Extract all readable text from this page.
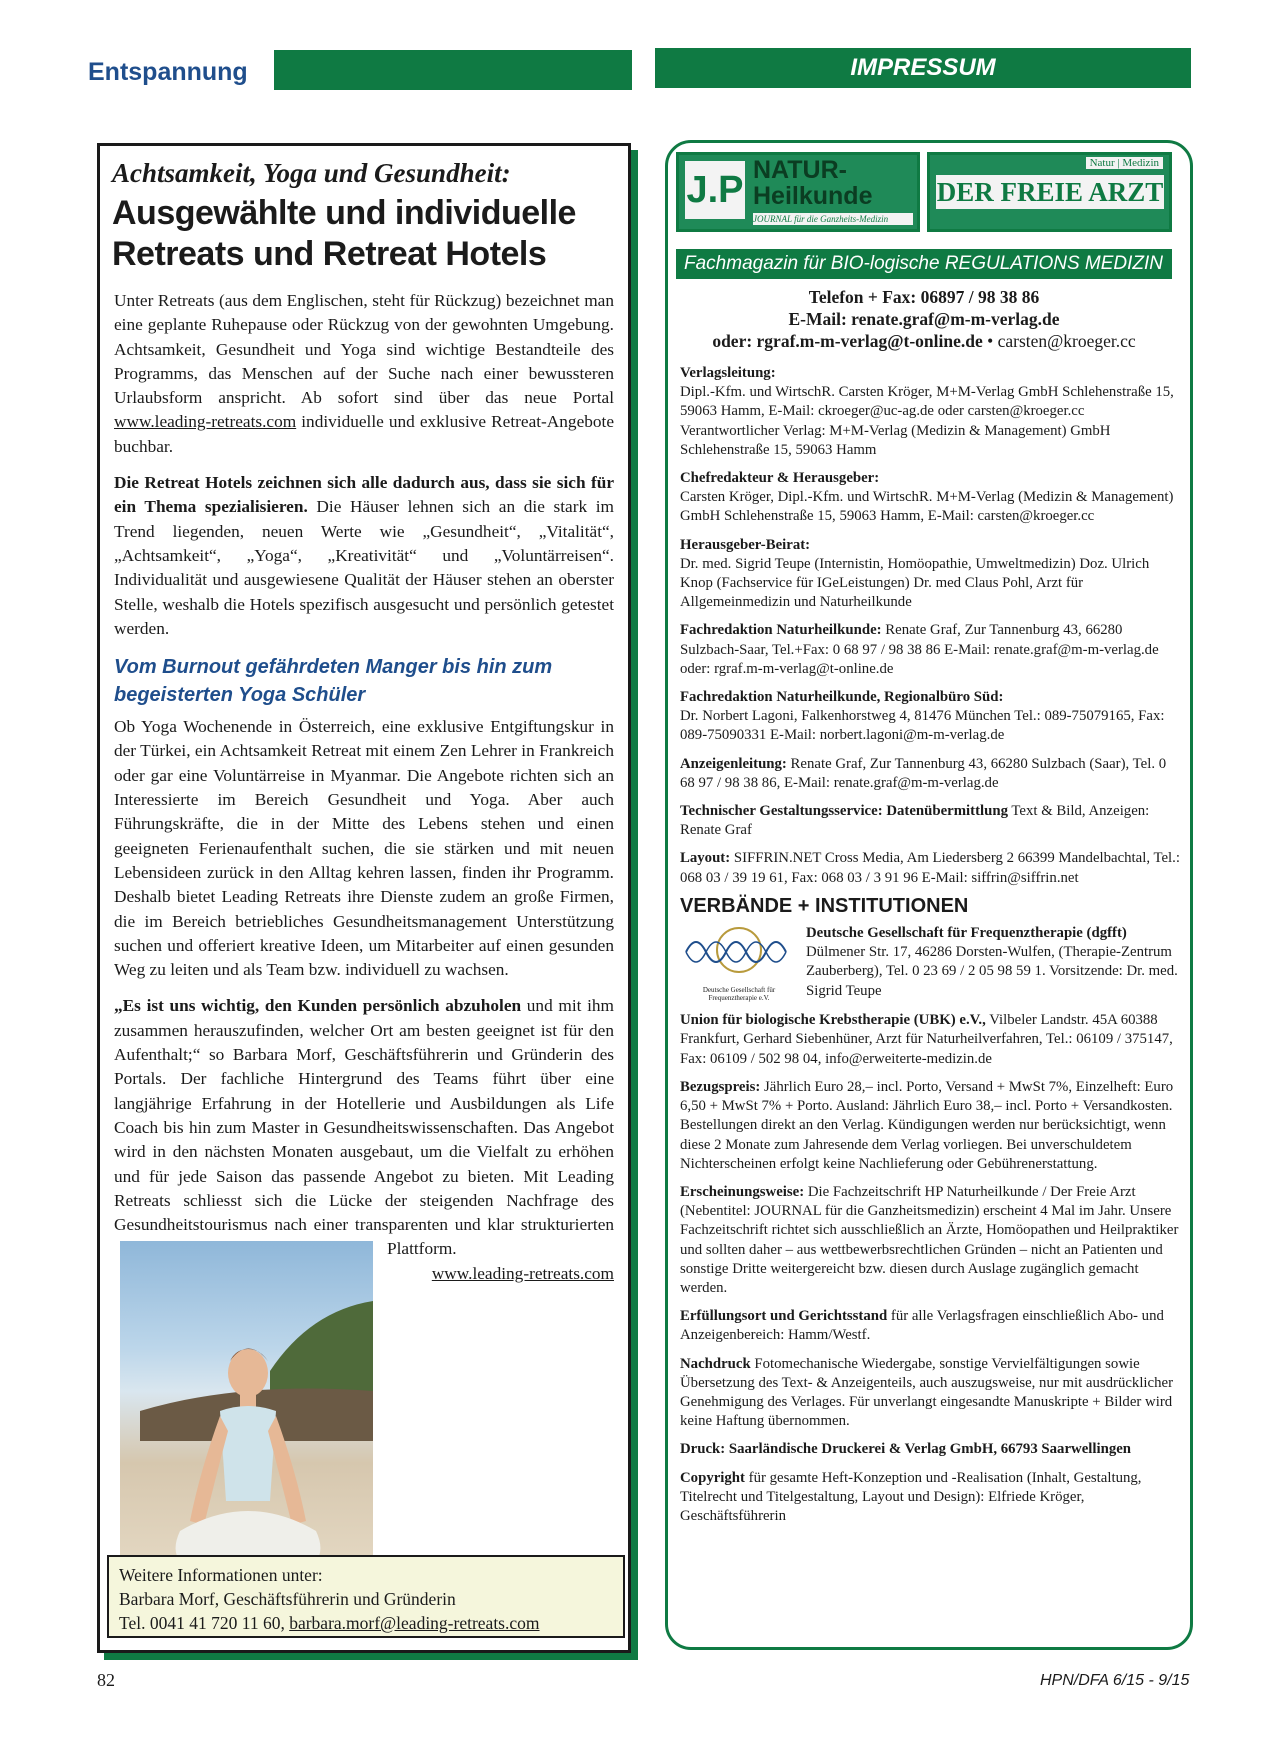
Entspannung	IMPRESSUM
Achtsamkeit, Yoga und Gesundheit:
Ausgewählte und individuelle Retreats und Retreat Hotels

Unter Retreats (aus dem Englischen, steht für Rückzug) bezeichnet man eine geplante Ruhepause oder Rückzug von der gewohnten Umgebung. Achtsamkeit, Gesundheit und Yoga sind wichtige Bestandteile des Programms, das Menschen auf der Suche nach einer bewussteren Urlaubsform anspricht. Ab sofort sind über das neue Portal www.leading-retreats.com individuelle und exklusive Retreat-Angebote buchbar.

Die Retreat Hotels zeichnen sich alle dadurch aus, dass sie sich für ein Thema spezialisieren. Die Häuser lehnen sich an die stark im Trend liegenden, neuen Werte wie „Gesundheit“, „Vitalität“, „Achtsamkeit“, „Yoga“, „Kreativität“ und „Voluntärreisen“. Individualität und ausgewiesene Qualität der Häuser stehen an oberster Stelle, weshalb die Hotels spezifisch ausgesucht und persönlich getestet werden.

Vom Burnout gefährdeten Manger bis hin zum begeisterten Yoga Schüler

Ob Yoga Wochenende in Österreich, eine exklusive Entgiftungskur in der Türkei, ein Achtsamkeit Retreat mit einem Zen Lehrer in Frankreich oder gar eine Voluntärreise in Myanmar. Die Angebote richten sich an Interessierte im Bereich Gesundheit und Yoga. Aber auch Führungskräfte, die in der Mitte des Lebens stehen und einen geeigneten Ferienaufenthalt suchen, die sie stärken und mit neuen Lebensideen zurück in den Alltag kehren lassen, finden ihr Programm. Deshalb bietet Leading Retreats ihre Dienste zudem an große Firmen, die im Bereich betriebliches Gesundheitsmanagement Unterstützung suchen und offeriert kreative Ideen, um Mitarbeiter auf einen gesunden Weg zu leiten und als Team bzw. individuell zu wachsen.

„Es ist uns wichtig, den Kunden persönlich abzuholen und mit ihm zusammen herauszufinden, welcher Ort am besten geeignet ist für den Aufenthalt;“ so Barbara Morf, Geschäftsführerin und Gründerin des Portals. Der fachliche Hintergrund des Teams führt über eine langjährige Erfahrung in der Hotellerie und Ausbildungen als Life Coach bis hin zum Master in Gesundheitswissenschaften. Das Angebot wird in den nächsten Monaten ausgebaut, um die Vielfalt zu erhöhen und für jede Saison das passende Angebot zu bieten. Mit Leading Retreats schliesst sich die Lücke der steigenden Nachfrage des Gesundheitstourismus nach einer transparenten und klar strukturierten Plattform.
www.leading-retreats.com
Weitere Informationen unter:
Barbara Morf, Geschäftsführerin und Gründerin
Tel. 0041 41 720 11 60, barbara.morf@leading-retreats.com
J.P NATUR-
Heilkunde
JOURNAL für die Ganzheits-Medizin
Natur | Medizin
DER FREIE ARZT
Fachmagazin für BIO-logische REGULATIONS MEDIZIN
Telefon + Fax: 06897 / 98 38 86
E-Mail: renate.graf@m-m-verlag.de
oder: rgraf.m-m-verlag@t-online.de • carsten@kroeger.cc
Verlagsleitung:
Dipl.-Kfm. und WirtschR. Carsten Kröger, M+M-Verlag GmbH Schlehenstraße 15, 59063 Hamm, E-Mail: ckroeger@uc-ag.de oder carsten@kroeger.cc Verantwortlicher Verlag: M+M-Verlag (Medizin & Management) GmbH Schlehenstraße 15, 59063 Hamm
Chefredakteur & Herausgeber:
Carsten Kröger, Dipl.-Kfm. und WirtschR. M+M-Verlag (Medizin & Management) GmbH Schlehenstraße 15, 59063 Hamm, E-Mail: carsten@kroeger.cc
Herausgeber-Beirat:
Dr. med. Sigrid Teupe (Internistin, Homöopathie, Umweltmedizin) Doz. Ulrich Knop (Fachservice für IGeLeistungen) Dr. med Claus Pohl, Arzt für Allgemeinmedizin und Naturheilkunde
Fachredaktion Naturheilkunde: Renate Graf, Zur Tannenburg 43, 66280 Sulzbach-Saar, Tel.+Fax: 0 68 97 / 98 38 86 E-Mail: renate.graf@m-m-verlag.de oder: rgraf.m-m-verlag@t-online.de
Fachredaktion Naturheilkunde, Regionalbüro Süd:
Dr. Norbert Lagoni, Falkenhorstweg 4, 81476 München Tel.: 089-75079165, Fax: 089-75090331 E-Mail: norbert.lagoni@m-m-verlag.de
Anzeigenleitung: Renate Graf, Zur Tannenburg 43, 66280 Sulzbach (Saar), Tel. 0 68 97 / 98 38 86, E-Mail: renate.graf@m-m-verlag.de
Technischer Gestaltungsservice: Datenübermittlung Text & Bild, Anzeigen: Renate Graf
Layout: SIFFRIN.NET Cross Media, Am Liedersberg 2 66399 Mandelbachtal, Tel.: 068 03 / 39 19 61, Fax: 068 03 / 3 91 96 E-Mail: siffrin@siffrin.net
VERBÄNDE + INSTITUTIONEN
Deutsche Gesellschaft für Frequenztherapie e.V.
Deutsche Gesellschaft für Frequenztherapie (dgfft)
Dülmener Str. 17, 46286 Dorsten-Wulfen, (Therapie-Zentrum Zauberberg), Tel. 0 23 69 / 2 05 98 59 1. Vorsitzende: Dr. med. Sigrid Teupe
Union für biologische Krebstherapie (UBK) e.V., Vilbeler Landstr. 45A 60388 Frankfurt, Gerhard Siebenhüner, Arzt für Naturheilverfahren, Tel.: 06109 / 375147, Fax: 06109 / 502 98 04, info@erweiterte-medizin.de
Bezugspreis: Jährlich Euro 28,– incl. Porto, Versand + MwSt 7%, Einzelheft: Euro 6,50 + MwSt 7% + Porto. Ausland: Jährlich Euro 38,– incl. Porto + Versandkosten. Bestellungen direkt an den Verlag. Kündigungen werden nur berücksichtigt, wenn diese 2 Monate zum Jahresende dem Verlag vorliegen. Bei unverschuldetem Nichterscheinen erfolgt keine Nachlieferung oder Gebührenerstattung.
Erscheinungsweise: Die Fachzeitschrift HP Naturheilkunde / Der Freie Arzt (Nebentitel: JOURNAL für die Ganzheitsmedizin) erscheint 4 Mal im Jahr. Unsere Fachzeitschrift richtet sich ausschließlich an Ärzte, Homöopathen und Heilpraktiker und sollten daher – aus wettbewerbsrechtlichen Gründen – nicht an Patienten und sonstige Dritte weitergereicht bzw. diesen durch Auslage zugänglich gemacht werden.
Erfüllungsort und Gerichtsstand für alle Verlagsfragen einschließlich Abo- und Anzeigenbereich: Hamm/Westf.
Nachdruck Fotomechanische Wiedergabe, sonstige Vervielfältigungen sowie Übersetzung des Text- & Anzeigenteils, auch auszugsweise, nur mit ausdrücklicher Genehmigung des Verlages. Für unverlangt eingesandte Manuskripte + Bilder wird keine Haftung übernommen.
Druck: Saarländische Druckerei & Verlag GmbH, 66793 Saarwellingen
Copyright für gesamte Heft-Konzeption und -Realisation (Inhalt, Gestaltung, Titelrecht und Titelgestaltung, Layout und Design): Elfriede Kröger, Geschäftsführerin
82	HPN/DFA 6/15 - 9/15
